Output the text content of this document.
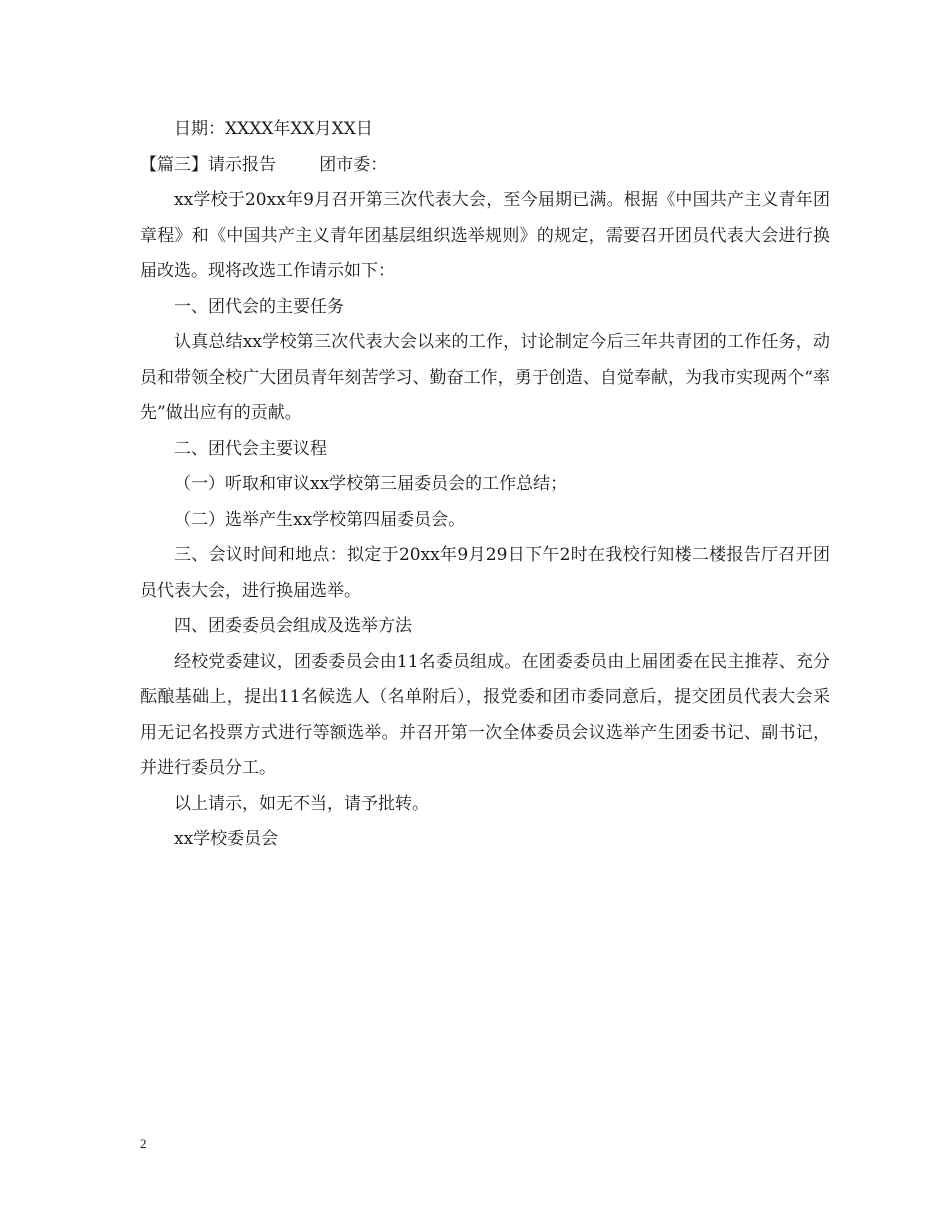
日期：XXXX年XX月XX日
【篇三】请示报告	团市委：

xx学校于20xx年9月召开第三次代表大会，至今届期已满。根据《中国共产主义青年团章程》和《中国共产主义青年团基层组织选举规则》的规定，需要召开团员代表大会进行换届改选。现将改选工作请示如下：

一、团代会的主要任务

认真总结xx学校第三次代表大会以来的工作，讨论制定今后三年共青团的工作任务，动员和带领全校广大团员青年刻苦学习、勤奋工作，勇于创造、自觉奉献，为我市实现两个“率先”做出应有的贡献。

二、团代会主要议程

（一）听取和审议xx学校第三届委员会的工作总结；

（二）选举产生xx学校第四届委员会。

三、会议时间和地点：拟定于20xx年9月29日下午2时在我校行知楼二楼报告厅召开团员代表大会，进行换届选举。

四、团委委员会组成及选举方法

经校党委建议，团委委员会由11名委员组成。在团委委员由上届团委在民主推荐、充分酝酿基础上，提出11名候选人（名单附后），报党委和团市委同意后，提交团员代表大会采用无记名投票方式进行等额选举。并召开第一次全体委员会议选举产生团委书记、副书记，并进行委员分工。

以上请示，如无不当，请予批转。

xx学校委员会

2
